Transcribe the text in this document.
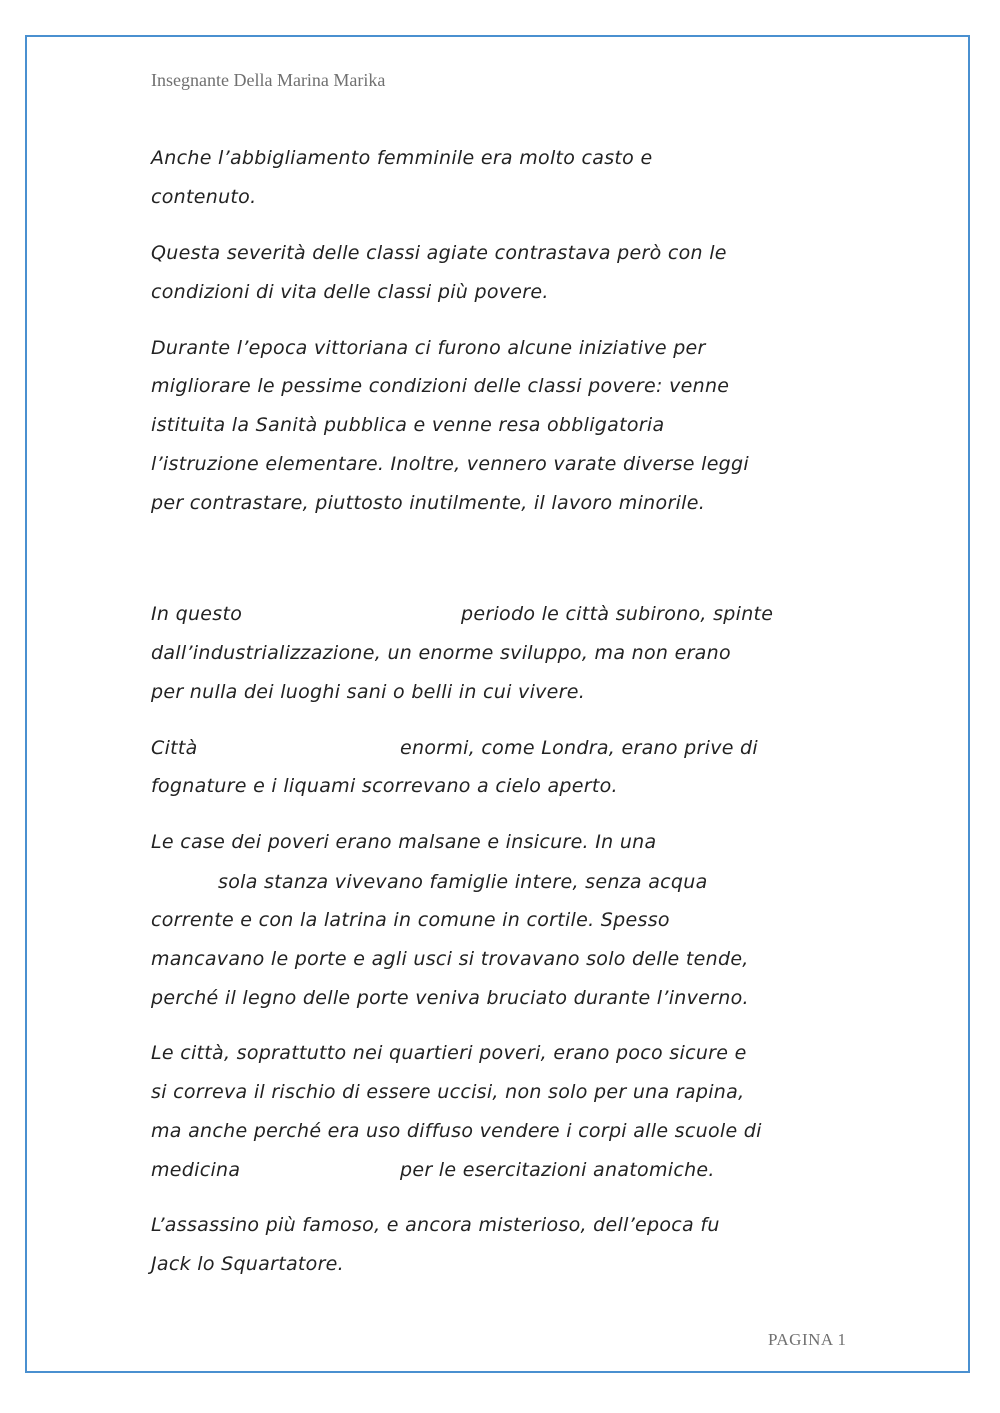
Insegnante Della Marina Marika
Anche l’abbigliamento femminile era molto casto e
contenuto.
Questa severità delle classi agiate contrastava però con le
condizioni di vita delle classi più povere.
Durante l’epoca vittoriana ci furono alcune iniziative per
migliorare le pessime condizioni delle classi povere: venne
istituita la Sanità pubblica e venne resa obbligatoria
l’istruzione elementare. Inoltre, vennero varate diverse leggi
per contrastare, piuttosto inutilmente, il lavoro minorile.
In questo	periodo le città subirono, spinte
dall’industrializzazione, un enorme sviluppo, ma non erano
per nulla dei luoghi sani o belli in cui vivere.
Città	enormi, come Londra, erano prive di
fognature e i liquami scorrevano a cielo aperto.
Le case dei poveri erano malsane e insicure. In una
sola stanza vivevano famiglie intere, senza acqua
corrente e con la latrina in comune in cortile. Spesso
mancavano le porte e agli usci si trovavano solo delle tende,
perché il legno delle porte veniva bruciato durante l’inverno.
Le città, soprattutto nei quartieri poveri, erano poco sicure e
si correva il rischio di essere uccisi, non solo per una rapina,
ma anche perché era uso diffuso vendere i corpi alle scuole di
medicina	per le esercitazioni anatomiche.
L’assassino più famoso, e ancora misterioso, dell’epoca fu
Jack lo Squartatore.
PAGINA 1
